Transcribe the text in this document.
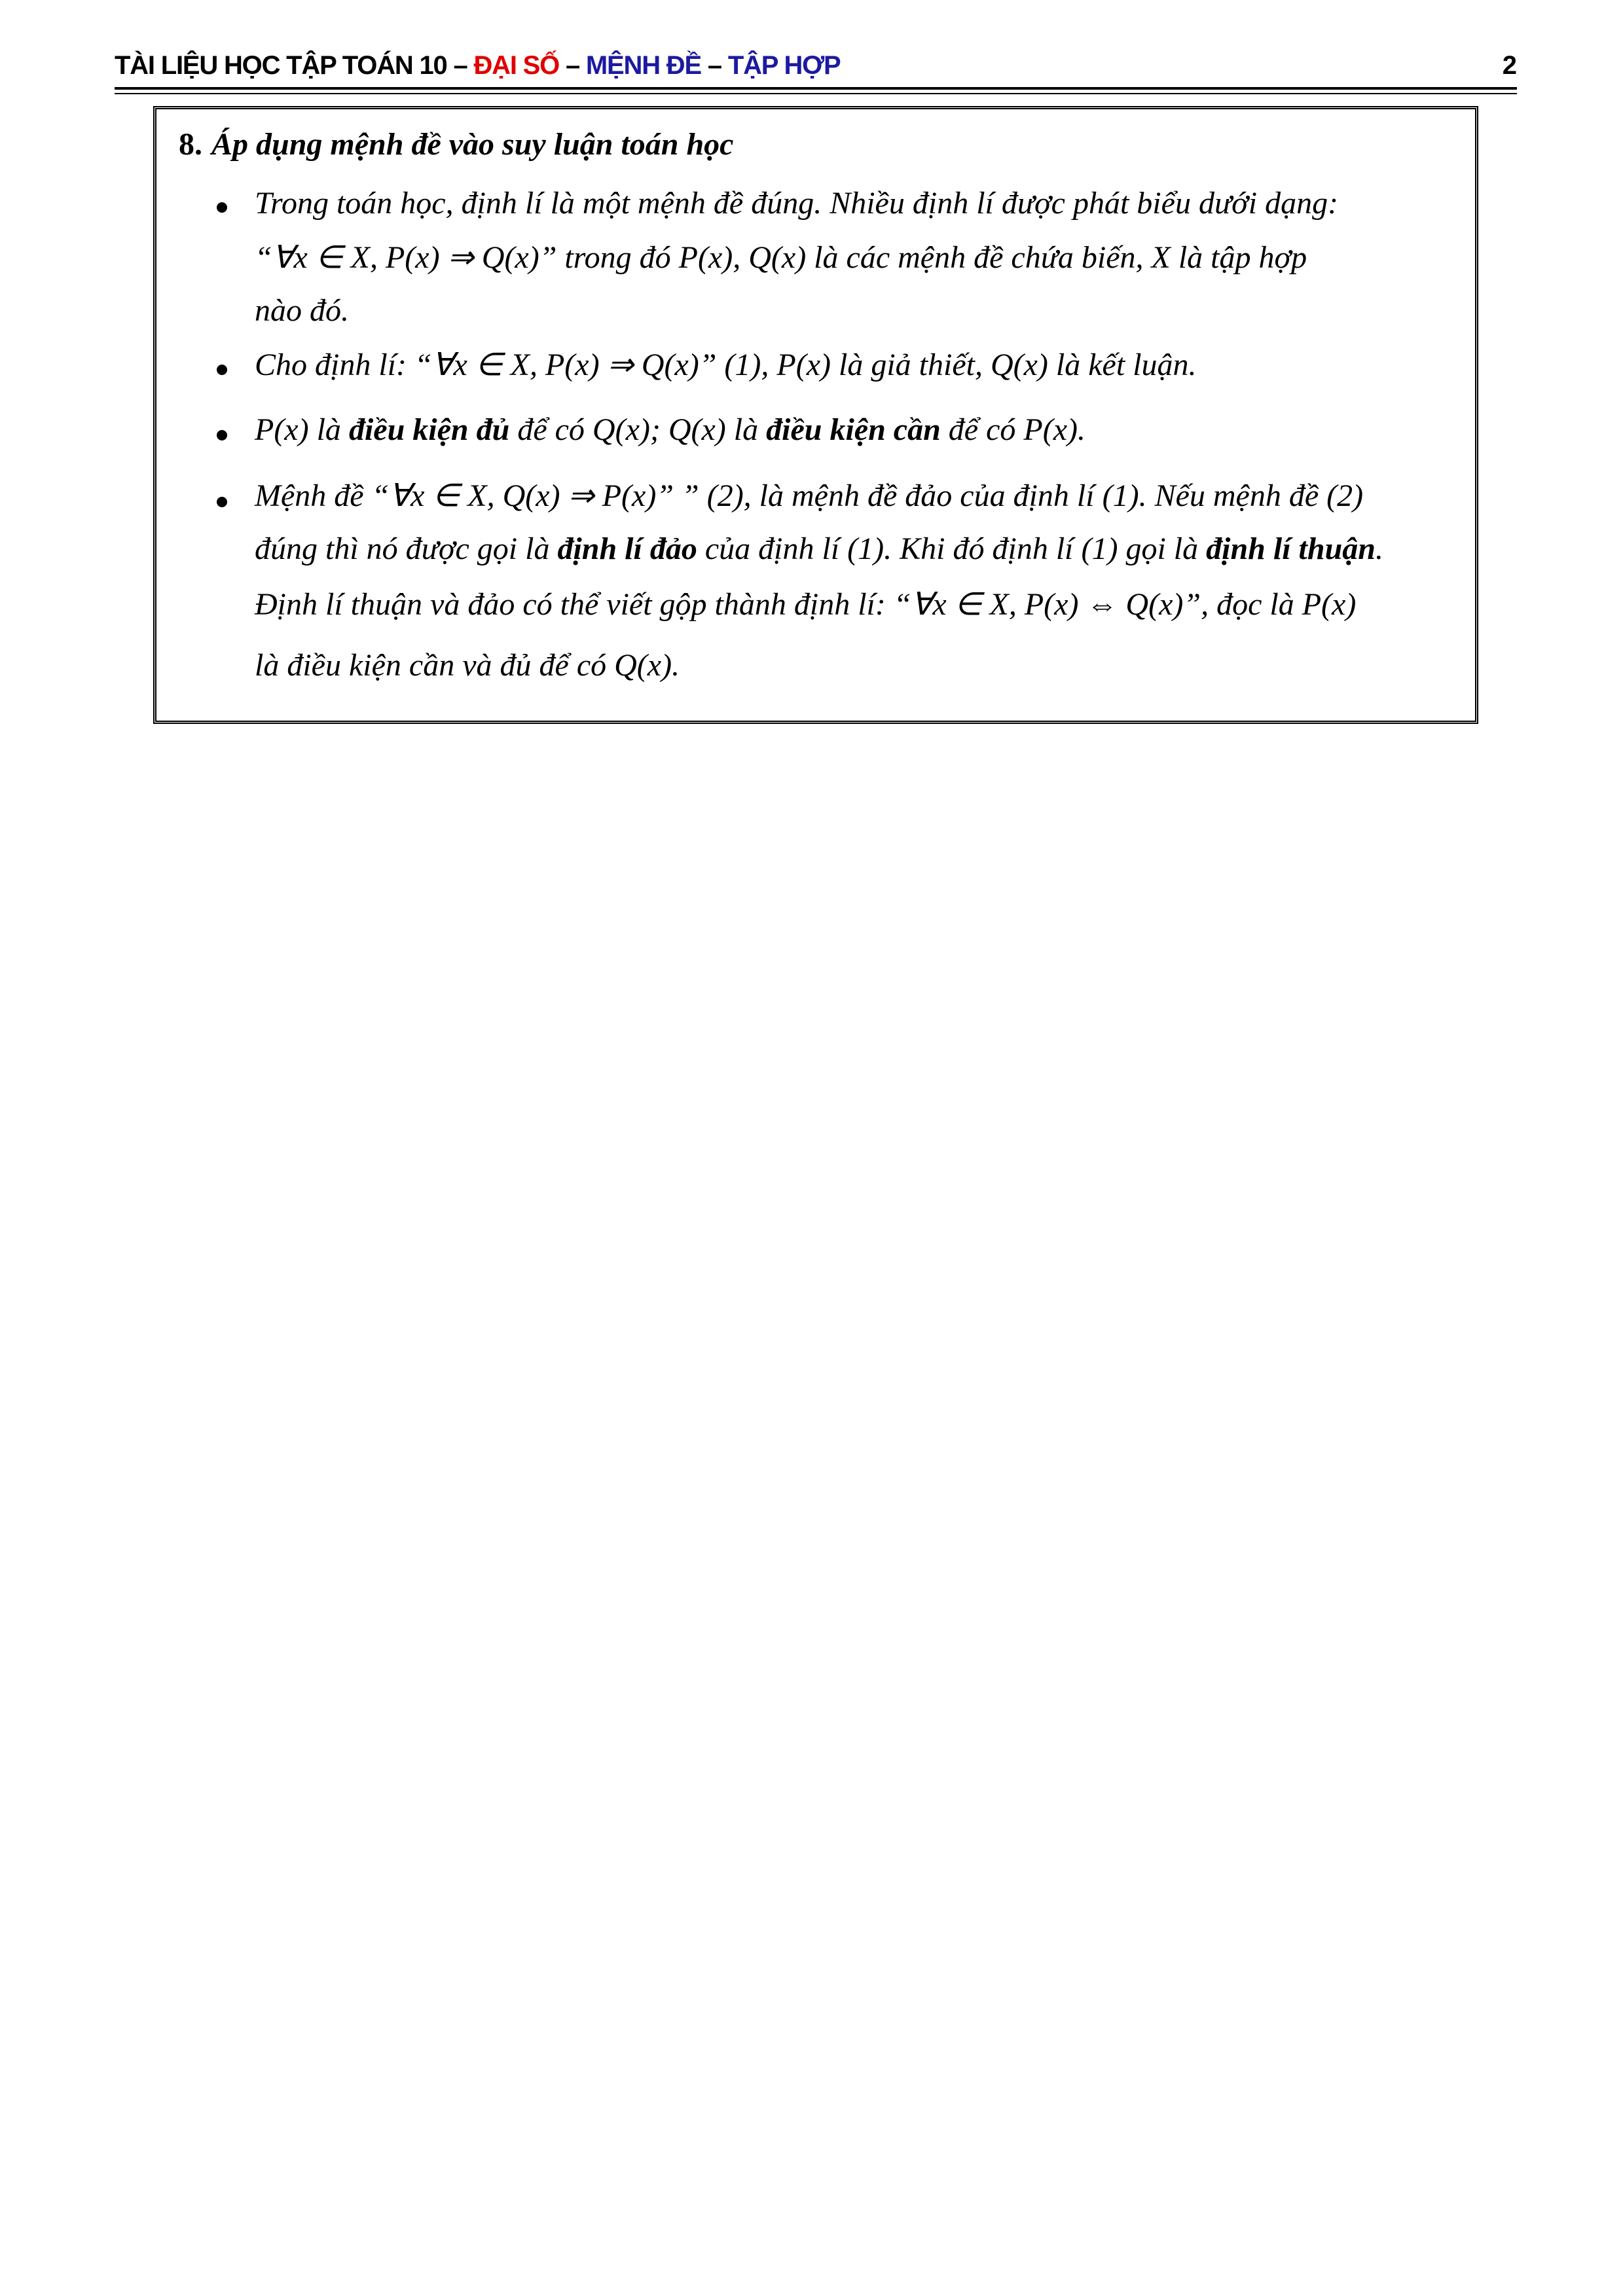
TÀI LIỆU HỌC TẬP TOÁN 10 – ĐẠI SỐ – MỆNH ĐỀ – TẬP HỢP	2
8. Áp dụng mệnh đề vào suy luận toán học
Trong toán học, định lí là một mệnh đề đúng. Nhiều định lí được phát biểu dưới dạng:
“∀x ∈ X, P(x) ⇒ Q(x)” trong đó P(x), Q(x) là các mệnh đề chứa biến, X là tập hợp
nào đó.
Cho định lí: “∀x ∈ X, P(x) ⇒ Q(x)” (1), P(x) là giả thiết, Q(x) là kết luận.
P(x) là điều kiện đủ để có Q(x); Q(x) là điều kiện cần để có P(x).
Mệnh đề “∀x ∈ X, Q(x) ⇒ P(x)” ” (2), là mệnh đề đảo của định lí (1). Nếu mệnh đề (2)
đúng thì nó được gọi là định lí đảo của định lí (1). Khi đó định lí (1) gọi là định lí thuận.
Định lí thuận và đảo có thể viết gộp thành định lí: “∀x ∈ X, P(x) ⇔ Q(x)”, đọc là P(x)
là điều kiện cần và đủ để có Q(x).
